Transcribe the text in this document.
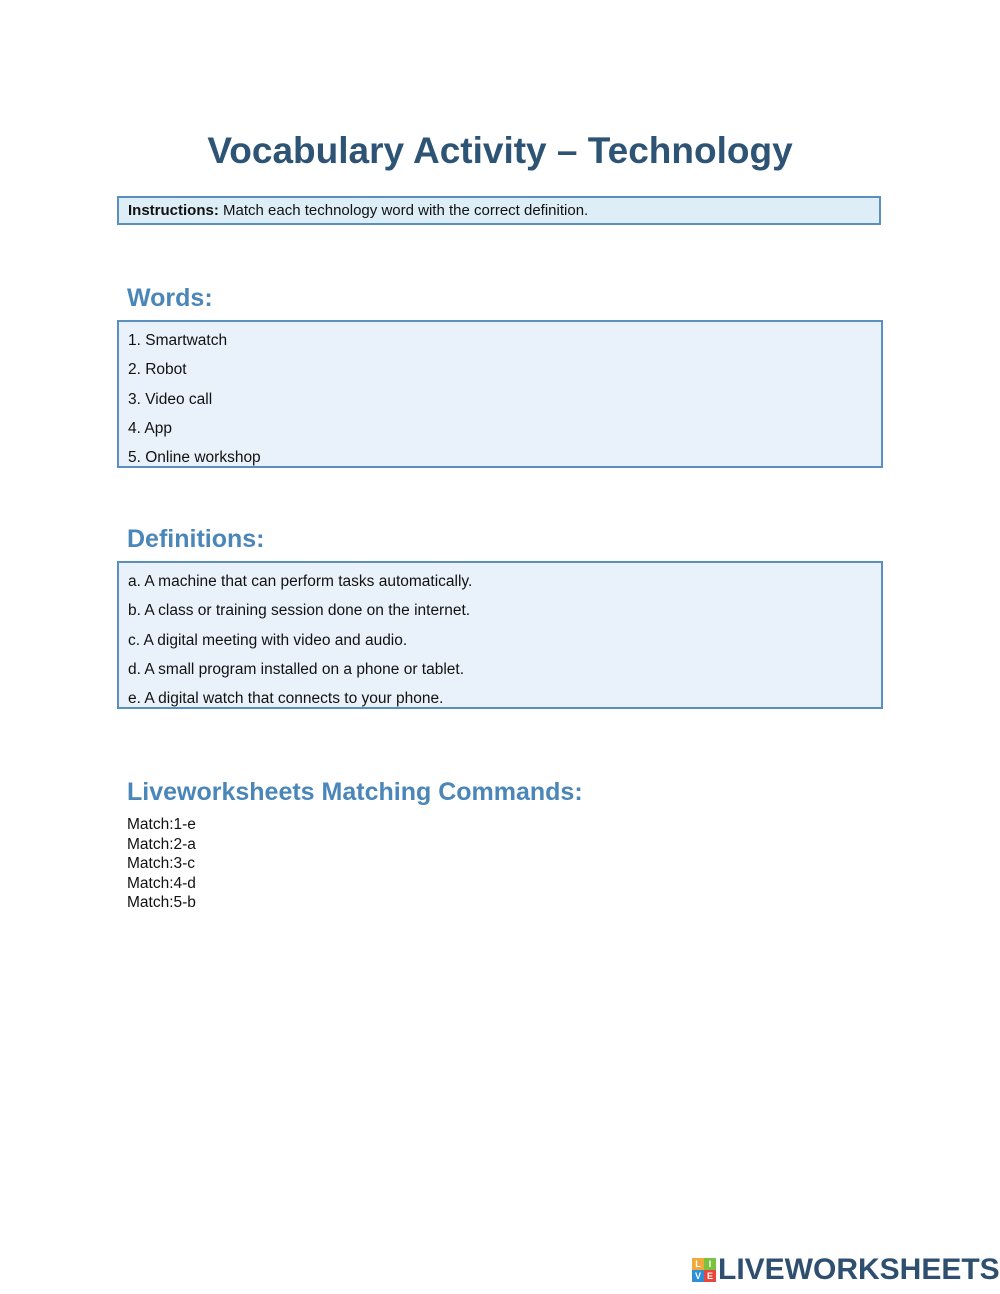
Vocabulary Activity – Technology
Instructions: Match each technology word with the correct definition.
Words:
1. Smartwatch
2. Robot
3. Video call
4. App
5. Online workshop
Definitions:
a. A machine that can perform tasks automatically.
b. A class or training session done on the internet.
c. A digital meeting with video and audio.
d. A small program installed on a phone or tablet.
e. A digital watch that connects to your phone.
Liveworksheets Matching Commands:
Match:1-e
Match:2-a
Match:3-c
Match:4-d
Match:5-b
L I
V E LIVEWORKSHEETS
